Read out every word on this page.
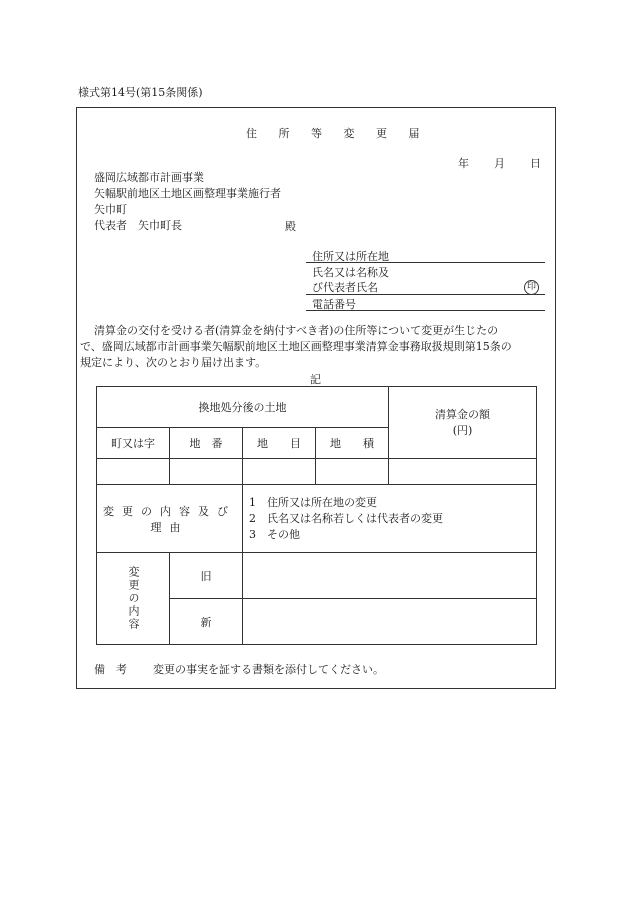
様式第14号(第15条関係)
住 所 等 変 更 届
年 月 日
盛岡広域都市計画事業
矢幅駅前地区土地区画整理事業施行者
矢巾町
代表者　矢巾町長	殿
住所又は所在地
氏名又は名称及
び代表者氏名	印
電話番号
清算金の交付を受ける者(清算金を納付すべき者)の住所等について変更が生じたの
で、盛岡広域都市計画事業矢幅駅前地区土地区画整理事業清算金事務取扱規則第15条の
規定により、次のとおり届け出ます。
記
換地処分後の土地				清算金の額
(円)

町又は字	地　番	地　　目	地　　積	

変更の内容及び理由		1　住所又は所在地の変更
2　氏名又は名称若しくは代表者の変更
3　その他		

変更の内容	旧			
	新			
備　考 変更の事実を証する書類を添付してください。
